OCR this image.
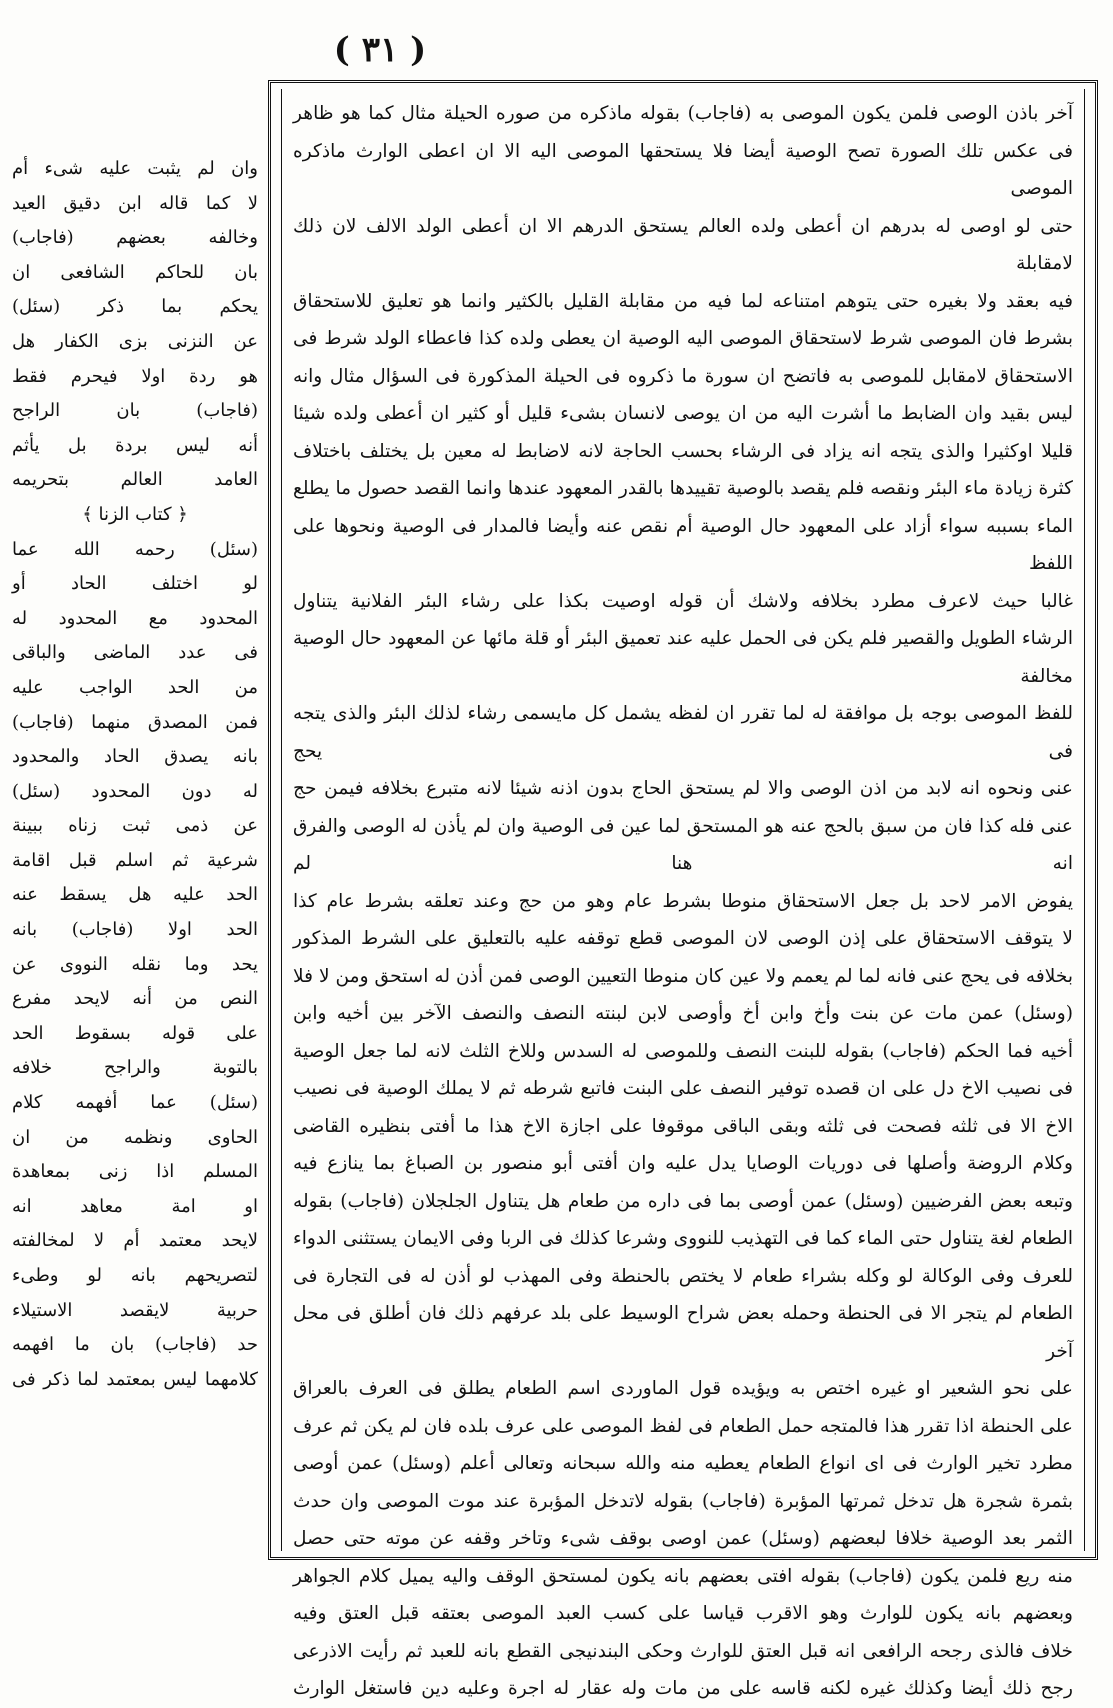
( ٣١ )

آخر باذن الوصى فلمن يكون الموصى به (فاجاب) بقوله ماذكره من صوره الحيلة مثال كما هو ظاهر

فى عكس تلك الصورة تصح الوصية أيضا فلا يستحقها الموصى اليه الا ان اعطى الوارث ماذكره الموصى

حتى لو اوصى له بدرهم ان أعطى ولده العالم يستحق الدرهم الا ان أعطى الولد الالف لان ذلك لامقابلة

فيه بعقد ولا بغيره حتى يتوهم امتناعه لما فيه من مقابلة القليل بالكثير وانما هو تعليق للاستحقاق

بشرط فان الموصى شرط لاستحقاق الموصى اليه الوصية ان يعطى ولده كذا فاعطاء الولد شرط فى

الاستحقاق لامقابل للموصى به فاتضح ان سورة ما ذكروه فى الحيلة المذكورة فى السؤال مثال وانه

ليس بقيد وان الضابط ما أشرت اليه من ان يوصى لانسان بشىء قليل أو كثير ان أعطى ولده شيئا

قليلا اوكثيرا والذى يتجه انه يزاد فى الرشاء بحسب الحاجة لانه لاضابط له معين بل يختلف باختلاف

كثرة زيادة ماء البئر ونقصه فلم يقصد بالوصية تقييدها بالقدر المعهود عندها وانما القصد حصول ما يطلع

الماء بسببه سواء أزاد على المعهود حال الوصية أم نقص عنه وأيضا فالمدار فى الوصية ونحوها على اللفظ

غالبا حيث لاعرف مطرد بخلافه ولاشك أن قوله اوصيت بكذا على رشاء البئر الفلانية يتناول

الرشاء الطويل والقصير فلم يكن فى الحمل عليه عند تعميق البئر أو قلة مائها عن المعهود حال الوصية مخالفة

للفظ الموصى بوجه بل موافقة له لما تقرر ان لفظه يشمل كل مايسمى رشاء لذلك البئر والذى يتجه فى يحج

عنى ونحوه انه لابد من اذن الوصى والا لم يستحق الحاج بدون اذنه شيئا لانه متبرع بخلافه فيمن حج

عنى فله كذا فان من سبق بالحج عنه هو المستحق لما عين فى الوصية وان لم يأذن له الوصى والفرق انه هنا لم

يفوض الامر لاحد بل جعل الاستحقاق منوطا بشرط عام وهو من حج وعند تعلقه بشرط عام كذا

لا يتوقف الاستحقاق على إذن الوصى لان الموصى قطع توقفه عليه بالتعليق على الشرط المذكور

بخلافه فى يحج عنى فانه لما لم يعمم ولا عين كان منوطا التعيين الوصى فمن أذن له استحق ومن لا فلا

(وسئل) عمن مات عن بنت وأخ وابن أخ وأوصى لابن لبنته النصف والنصف الآخر بين أخيه وابن

أخيه فما الحكم (فاجاب) بقوله للبنت النصف وللموصى له السدس وللاخ الثلث لانه لما جعل الوصية

فى نصيب الاخ دل على ان قصده توفير النصف على البنت فاتبع شرطه ثم لا يملك الوصية فى نصيب

الاخ الا فى ثلثه فصحت فى ثلثه وبقى الباقى موقوفا على اجازة الاخ هذا ما أفتى بنظيره القاضى

وكلام الروضة وأصلها فى دوريات الوصايا يدل عليه وان أفتى أبو منصور بن الصباغ بما ينازع فيه

وتبعه بعض الفرضيين (وسئل) عمن أوصى بما فى داره من طعام هل يتناول الجلجلان (فاجاب) بقوله

الطعام لغة يتناول حتى الماء كما فى التهذيب للنووى وشرعا كذلك فى الربا وفى الايمان يستثنى الدواء

للعرف وفى الوكالة لو وكله بشراء طعام لا يختص بالحنطة وفى المهذب لو أذن له فى التجارة فى

الطعام لم يتجر الا فى الحنطة وحمله بعض شراح الوسيط على بلد عرفهم ذلك فان أطلق فى محل آخر

على نحو الشعير او غيره اختص به ويؤيده قول الماوردى اسم الطعام يطلق فى العرف بالعراق

على الحنطة اذا تقرر هذا فالمتجه حمل الطعام فى لفظ الموصى على عرف بلده فان لم يكن ثم عرف

مطرد تخير الوارث فى اى انواع الطعام يعطيه منه والله سبحانه وتعالى أعلم (وسئل) عمن أوصى

بثمرة شجرة هل تدخل ثمرتها المؤبرة (فاجاب) بقوله لاتدخل المؤبرة عند موت الموصى وان حدث

الثمر بعد الوصية خلافا لبعضهم (وسئل) عمن اوصى بوقف شىء وتاخر وقفه عن موته حتى حصل

منه ريع فلمن يكون (فاجاب) بقوله افتى بعضهم بانه يكون لمستحق الوقف واليه يميل كلام الجواهر

وبعضهم بانه يكون للوارث وهو الاقرب قياسا على كسب العبد الموصى بعتقه قبل العتق وفيه

خلاف فالذى رجحه الرافعى انه قبل العتق للوارث وحكى البندنيجى القطع بانه للعبد ثم رأيت الاذرعى

رجح ذلك أيضا وكذلك غيره لكنه قاسه على من مات وله عقار له اجرة وعليه دين فاستغل الوارث

وان لم يثبت عليه شىء أم

لا كما قاله ابن دقيق العيد

وخالفه بعضهم (فاجاب)

بان للحاكم الشافعى ان

يحكم بما ذكر (سئل)

عن النزنى بزى الكفار هل

هو ردة اولا فيحرم فقط

(فاجاب) بان الراجح

أنه ليس بردة بل يأثم

العامد العالم بتحريمه

﴿ كتاب الزنا ﴾

(سئل) رحمه الله عما

لو اختلف الحاد أو

المحدود مع المحدود له

فى عدد الماضى والباقى

من الحد الواجب عليه

فمن المصدق منهما (فاجاب)

بانه يصدق الحاد والمحدود

له دون المحدود (سئل)

عن ذمى ثبت زناه ببينة

شرعية ثم اسلم قبل اقامة

الحد عليه هل يسقط عنه

الحد اولا (فاجاب) بانه

يحد وما نقله النووى عن

النص من أنه لايحد مفرع

على قوله بسقوط الحد

بالتوبة والراجح خلافه

(سئل) عما أفهمه كلام

الحاوى ونظمه من ان

المسلم اذا زنى بمعاهدة

او امة معاهد انه

لايحد معتمد أم لا لمخالفته

لتصريحهم بانه لو وطىء

حربية لايقصد الاستيلاء

حد (فاجاب) بان ما افهمه

كلامهما ليس بمعتمد لما ذكر فى
